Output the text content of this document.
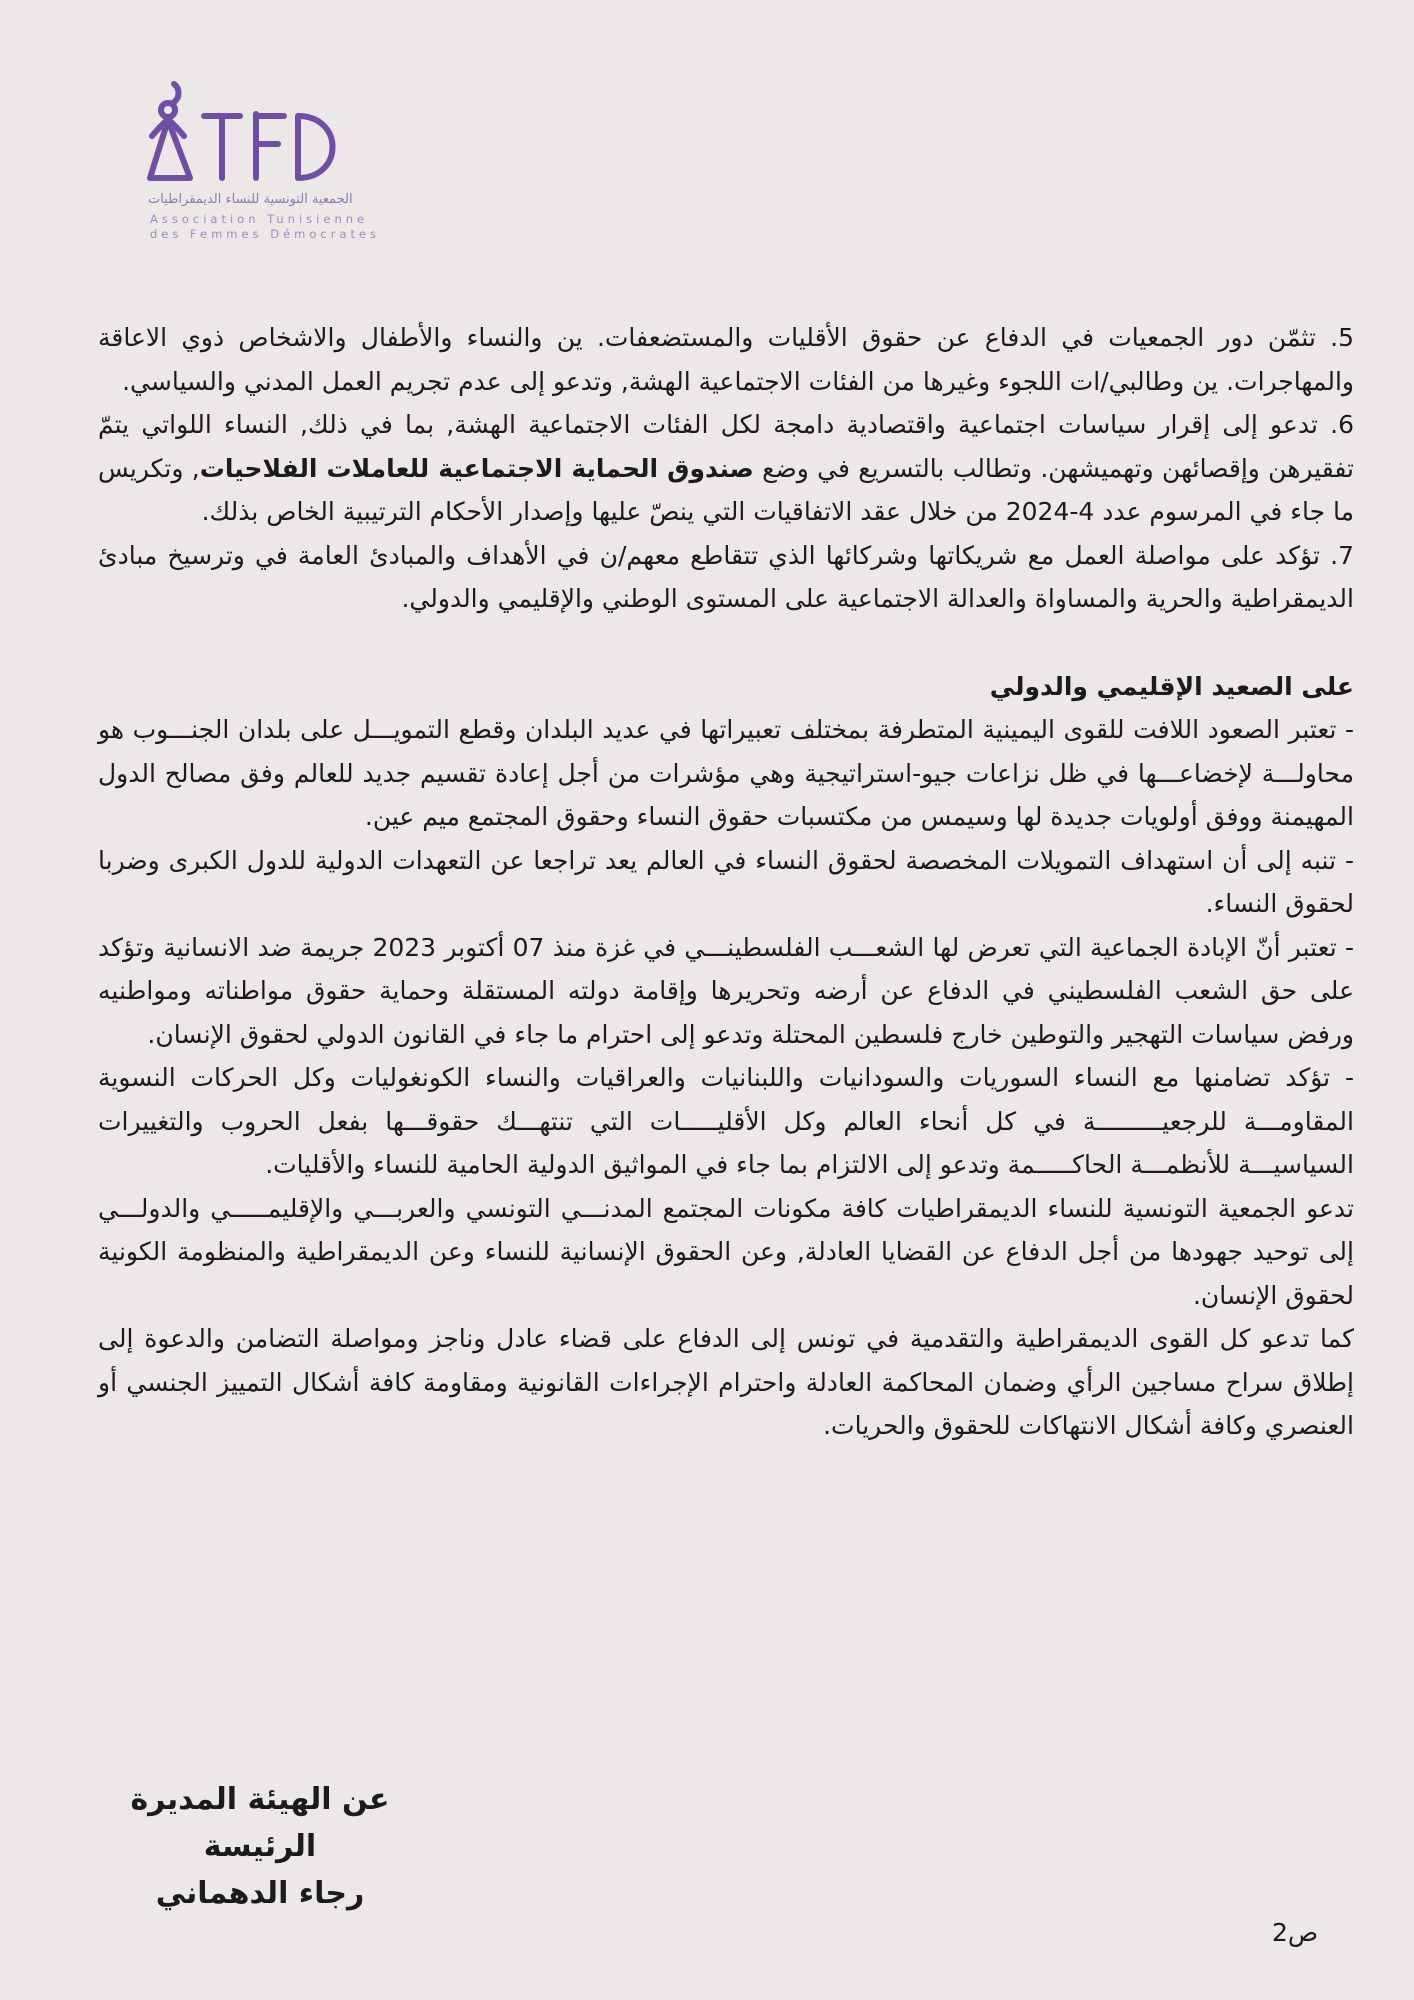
الجمعية التونسية للنساء الديمقراطيات
Association Tunisienne
des Femmes Démocrates

5. تثمّن دور الجمعيات في الدفاع عن حقوق الأقليات والمستضعفات. ين والنساء والأطفال والاشخاص ذوي الاعاقة والمهاجرات. ين وطالبي/ات اللجوء وغيرها من الفئات الاجتماعية الهشة, وتدعو إلى عدم تجريم العمل المدني والسياسي.

6. تدعو إلى إقرار سياسات اجتماعية واقتصادية دامجة لكل الفئات الاجتماعية الهشة, بما في ذلك, النساء اللواتي يتمّ تفقيرهن وإقصائهن وتهميشهن. وتطالب بالتسريع في وضع صندوق الحماية الاجتماعية للعاملات الفلاحيات, وتكريس ما جاء في المرسوم عدد 4-2024 من خلال عقد الاتفاقيات التي ينصّ عليها وإصدار الأحكام الترتيبية الخاص بذلك.

7. تؤكد على مواصلة العمل مع شريكاتها وشركائها الذي تتقاطع معهم/ن في الأهداف والمبادئ العامة في وترسيخ مبادئ الديمقراطية والحرية والمساواة والعدالة الاجتماعية على المستوى الوطني والإقليمي والدولي.

على الصعيد الإقليمي والدولي

- تعتبر الصعود اللافت للقوى اليمينية المتطرفة بمختلف تعبيراتها في عديد البلدان وقطع التمويـــل على بلدان الجنـــوب هو محاولـــة لإخضاعـــها في ظل نزاعات جيو-استراتيجية وهي مؤشرات من أجل إعادة تقسيم جديد للعالم وفق مصالح الدول المهيمنة ووفق أولويات جديدة لها وسيمس من مكتسبات حقوق النساء وحقوق المجتمع ميم عين.

- تنبه إلى أن استهداف التمويلات المخصصة لحقوق النساء في العالم يعد تراجعا عن التعهدات الدولية للدول الكبرى وضربا لحقوق النساء.

- تعتبر أنّ الإبادة الجماعية التي تعرض لها الشعـــب الفلسطينـــي في غزة منذ 07 أكتوبر 2023 جريمة ضد الانسانية وتؤكد على حق الشعب الفلسطيني في الدفاع عن أرضه وتحريرها وإقامة دولته المستقلة وحماية حقوق مواطناته ومواطنيه ورفض سياسات التهجير والتوطين خارج فلسطين المحتلة وتدعو إلى احترام ما جاء في القانون الدولي لحقوق الإنسان.

- تؤكد تضامنها مع النساء السوريات والسودانيات واللبنانيات والعراقيات والنساء الكونغوليات وكل الحركات النسوية المقاومـــة للرجعيـــــــــة في كل أنحاء العالم وكل الأقليـــــات التي تنتهـــك حقوقـــها بفعل الحروب والتغييرات السياسيـــة للأنظمـــة الحاكـــــمة وتدعو إلى الالتزام بما جاء في المواثيق الدولية الحامية للنساء والأقليات.

تدعو الجمعية التونسية للنساء الديمقراطيات كافة مكونات المجتمع المدنـــي التونسي والعربـــي والإقليمـــــي والدولـــي إلى توحيد جهودها من أجل الدفاع عن القضايا العادلة, وعن الحقوق الإنسانية للنساء وعن الديمقراطية والمنظومة الكونية لحقوق الإنسان.

كما تدعو كل القوى الديمقراطية والتقدمية في تونس إلى الدفاع على قضاء عادل وناجز ومواصلة التضامن والدعوة إلى إطلاق سراح مساجين الرأي وضمان المحاكمة العادلة واحترام الإجراءات القانونية ومقاومة كافة أشكال التمييز الجنسي أو العنصري وكافة أشكال الانتهاكات للحقوق والحريات.

عن الهيئة المديرة
الرئيسة
رجاء الدهماني
ص2
